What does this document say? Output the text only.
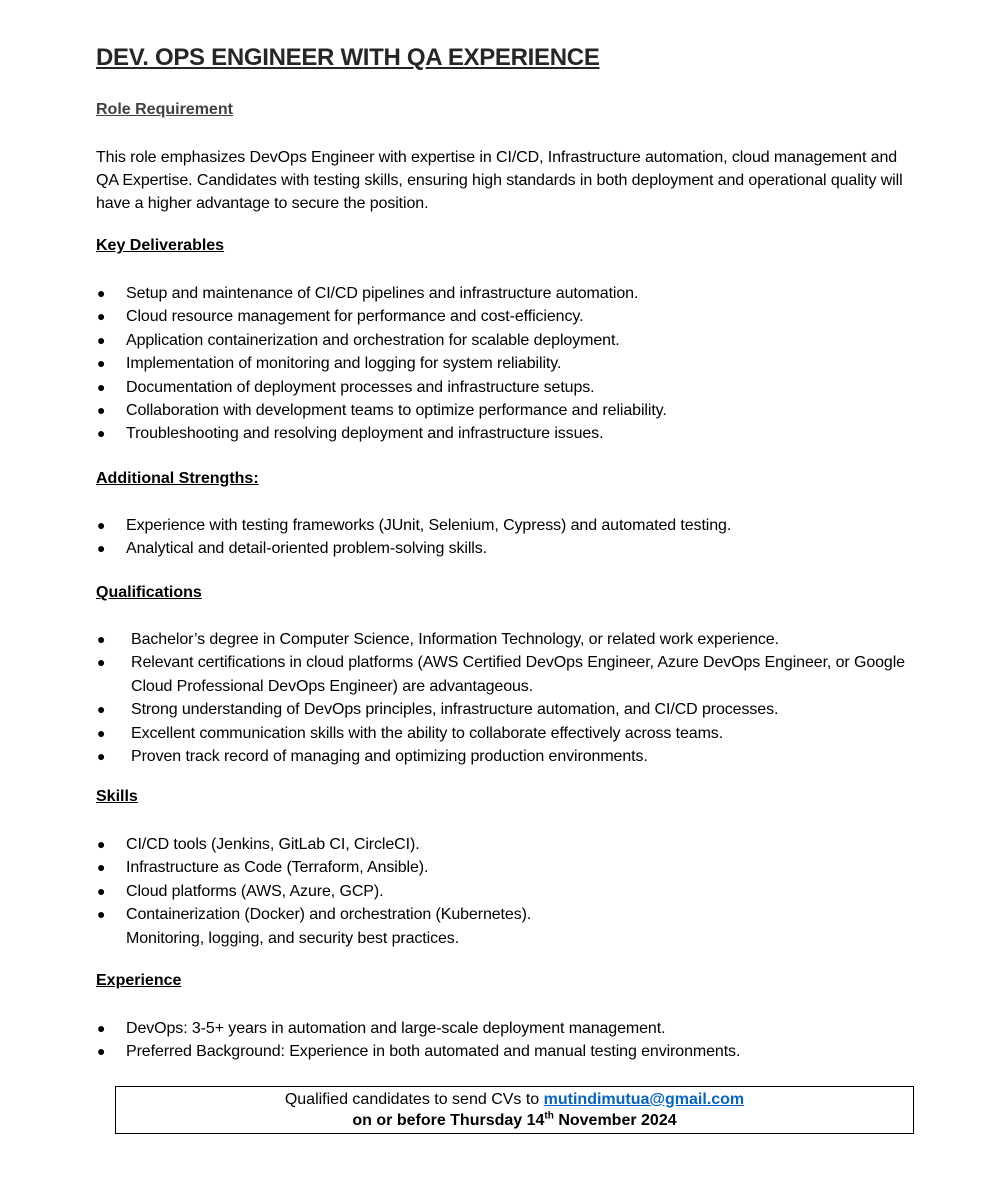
DEV. OPS ENGINEER WITH QA EXPERIENCE
Role Requirement

This role emphasizes DevOps Engineer with expertise in CI/CD, Infrastructure automation, cloud management and QA Expertise. Candidates with testing skills, ensuring high standards in both deployment and operational quality will have a higher advantage to secure the position.

Key Deliverables
● Setup and maintenance of CI/CD pipelines and infrastructure automation.
● Cloud resource management for performance and cost-efficiency.
● Application containerization and orchestration for scalable deployment.
● Implementation of monitoring and logging for system reliability.
● Documentation of deployment processes and infrastructure setups.
● Collaboration with development teams to optimize performance and reliability.
● Troubleshooting and resolving deployment and infrastructure issues.
Additional Strengths:
● Experience with testing frameworks (JUnit, Selenium, Cypress) and automated testing.
● Analytical and detail-oriented problem-solving skills.
Qualifications
● Bachelor’s degree in Computer Science, Information Technology, or related work experience.
● Relevant certifications in cloud platforms (AWS Certified DevOps Engineer, Azure DevOps Engineer, or Google Cloud Professional DevOps Engineer) are advantageous.
● Strong understanding of DevOps principles, infrastructure automation, and CI/CD processes.
● Excellent communication skills with the ability to collaborate effectively across teams.
● Proven track record of managing and optimizing production environments.
Skills
● CI/CD tools (Jenkins, GitLab CI, CircleCI).
● Infrastructure as Code (Terraform, Ansible).
● Cloud platforms (AWS, Azure, GCP).
● Containerization (Docker) and orchestration (Kubernetes).
Monitoring, logging, and security best practices.
Experience
● DevOps: 3-5+ years in automation and large-scale deployment management.
● Preferred Background: Experience in both automated and manual testing environments.
Qualified candidates to send CVs to mutindimutua@gmail.com
on or before Thursday 14th November 2024
